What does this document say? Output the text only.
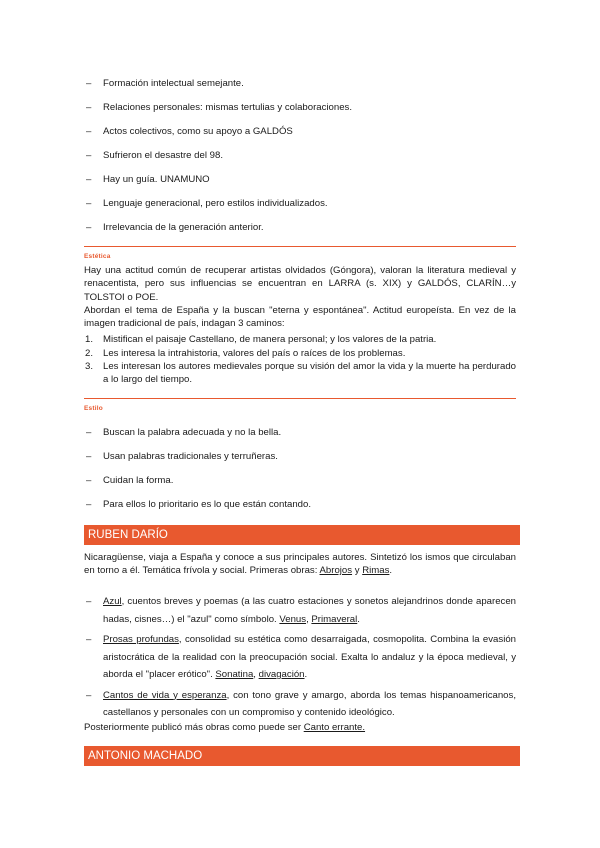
– Formación intelectual semejante.
– Relaciones personales: mismas tertulias y colaboraciones.
– Actos colectivos, como su apoyo a GALDÓS
– Sufrieron el desastre del 98.
– Hay un guía. UNAMUNO
– Lenguaje generacional, pero estilos individualizados.
– Irrelevancia de la generación anterior.
Estética

Hay una actitud común de recuperar artistas olvidados (Góngora), valoran la literatura medieval y renacentista, pero sus influencias se encuentran en LARRA (s. XIX) y GALDÓS, CLARÍN…y TOLSTOI o POE.

Abordan el tema de España y la buscan "eterna y espontánea". Actitud europeísta. En vez de la imagen tradicional de país, indagan 3 caminos:

1. Mistifican el paisaje Castellano, de manera personal; y los valores de la patria.
2. Les interesa la intrahistoria, valores del país o raíces de los problemas.
3. Les interesan los autores medievales porque su visión del amor la vida y la muerte ha perdurado a lo largo del tiempo.
Estilo
– Buscan la palabra adecuada y no la bella.
– Usan palabras tradicionales y terruñeras.
– Cuidan la forma.
– Para ellos lo prioritario es lo que están contando.
RUBEN DARÍO

Nicaragüense, viaja a España y conoce a sus principales autores. Sintetizó los ismos que circulaban en torno a él. Temática frívola y social. Primeras obras: Abrojos y Rimas.

– Azul, cuentos breves y poemas (a las cuatro estaciones y sonetos alejandrinos donde aparecen hadas, cisnes…) el "azul" como símbolo. Venus, Primaveral.
– Prosas profundas, consolidad su estética como desarraigada, cosmopolita. Combina la evasión aristocrática de la realidad con la preocupación social. Exalta lo andaluz y la época medieval, y aborda el "placer erótico". Sonatina, divagación.
– Cantos de vida y esperanza, con tono grave y amargo, aborda los temas hispanoamericanos, castellanos y personales con un compromiso y contenido ideológico.

Posteriormente publicó más obras como puede ser Canto errante.

ANTONIO MACHADO
